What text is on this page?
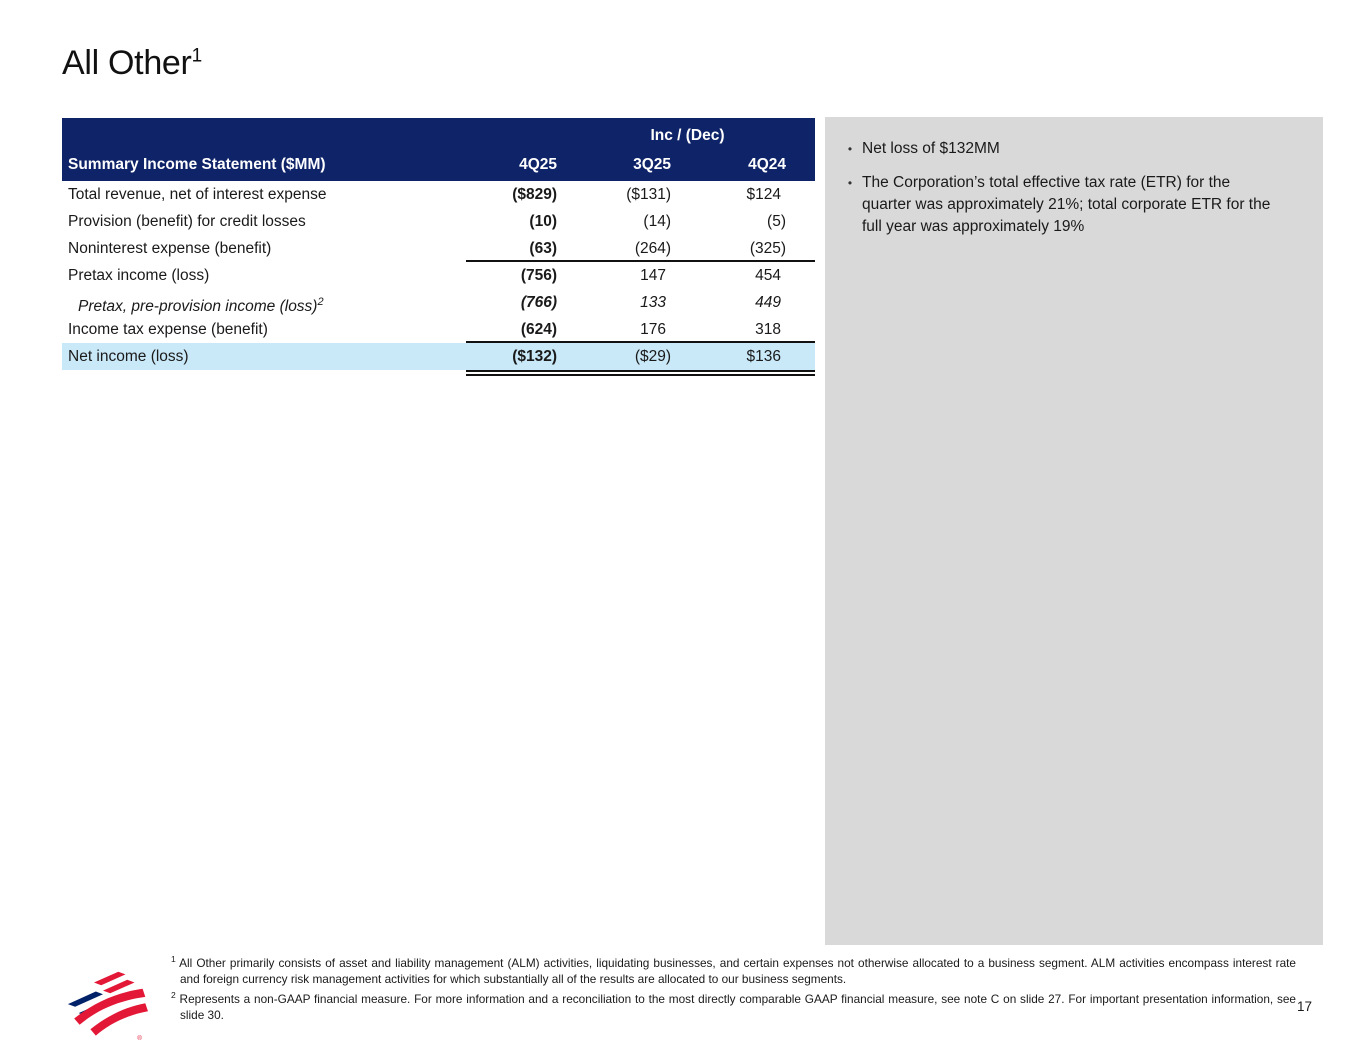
All Other$^1$
Inc / (Dec)
Summary Income Statement ($MM)	4Q25	3Q25	4Q24
Total revenue, net of interest expense	($829)	($131)	$124
Provision (benefit) for credit losses	(10)	(14)	(5)
Noninterest expense (benefit)	(63)	(264)	(325)
Pretax income (loss)	(756)	147	454
Pretax, pre-provision income (loss)$^2$	(766)	133	449
Income tax expense (benefit)	(624)	176	318
Net income (loss)	($132)	($29)	$136
• Net loss of $132MM
• The Corporation’s total effective tax rate (ETR) for the quarter was approximately 21%; total corporate ETR for the full year was approximately 19%

$^1$ All Other primarily consists of asset and liability management (ALM) activities, liquidating businesses, and certain expenses not otherwise allocated to a business segment. ALM activities encompass interest rate and foreign currency risk management activities for which substantially all of the results are allocated to our business segments.

$^2$ Represents a non-GAAP financial measure. For more information and a reconciliation to the most directly comparable GAAP financial measure, see note C on slide 27. For important presentation information, see slide 30.

®
17
